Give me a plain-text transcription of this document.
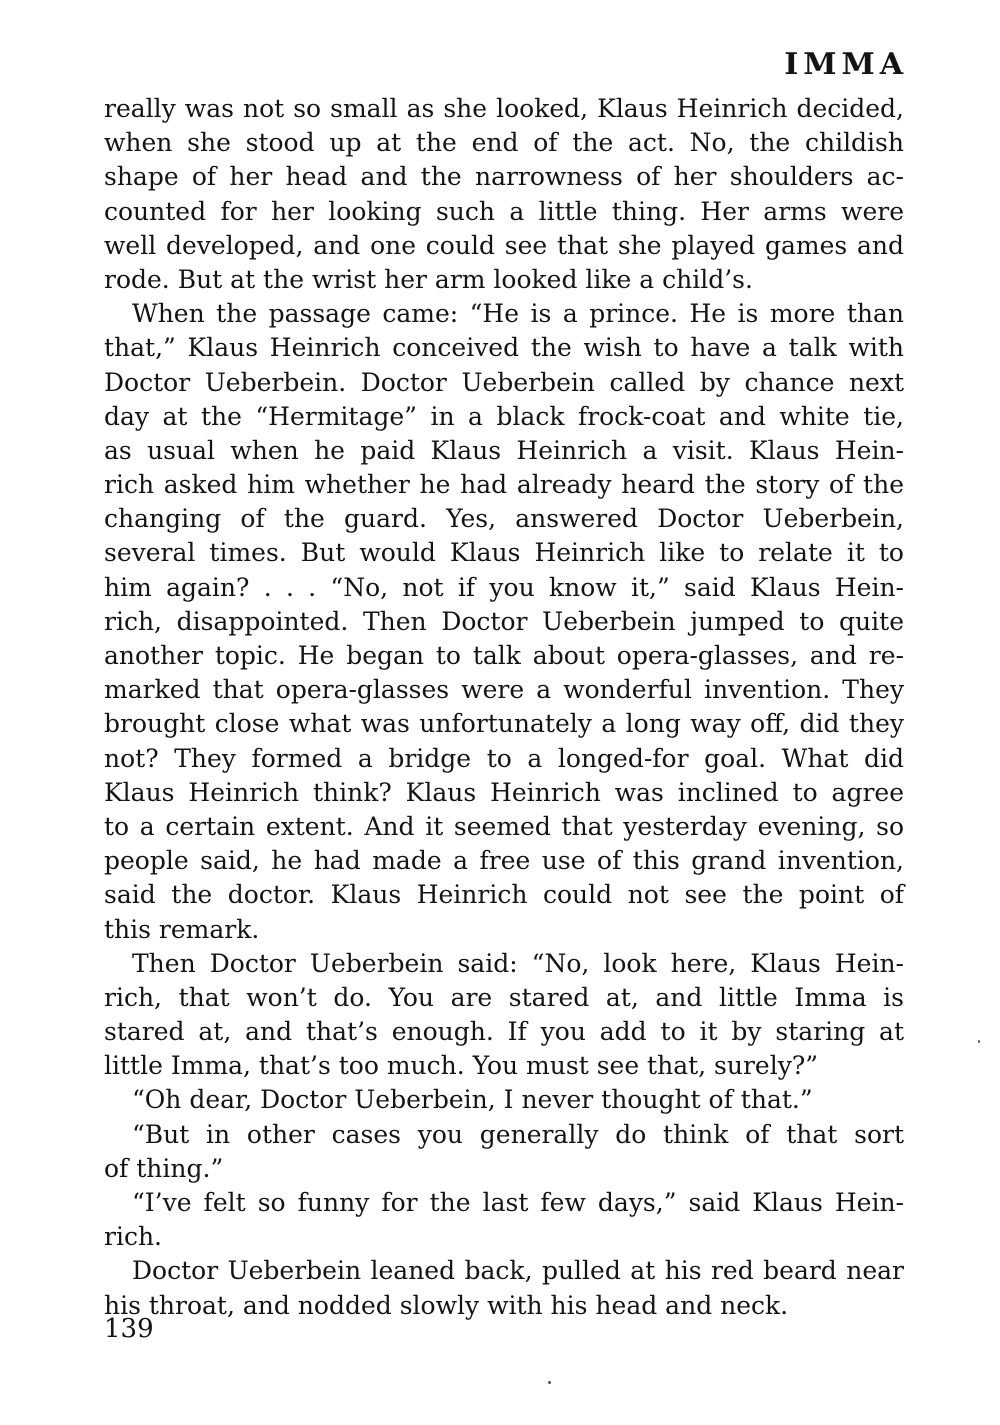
IMMA
really was not so small as she looked, Klaus Heinrich decided,
when she stood up at the end of the act. No, the childish
shape of her head and the narrowness of her shoulders ac-
counted for her looking such a little thing. Her arms were
well developed, and one could see that she played games and
rode. But at the wrist her arm looked like a child’s.
When the passage came: “He is a prince. He is more than
that,” Klaus Heinrich conceived the wish to have a talk with
Doctor Ueberbein. Doctor Ueberbein called by chance next
day at the “Hermitage” in a black frock-coat and white tie,
as usual when he paid Klaus Heinrich a visit. Klaus Hein-
rich asked him whether he had already heard the story of the
changing of the guard. Yes, answered Doctor Ueberbein,
several times. But would Klaus Heinrich like to relate it to
him again? . . . “No, not if you know it,” said Klaus Hein-
rich, disappointed. Then Doctor Ueberbein jumped to quite
another topic. He began to talk about opera-glasses, and re-
marked that opera-glasses were a wonderful invention. They
brought close what was unfortunately a long way off, did they
not? They formed a bridge to a longed-for goal. What did
Klaus Heinrich think? Klaus Heinrich was inclined to agree
to a certain extent. And it seemed that yesterday evening, so
people said, he had made a free use of this grand invention,
said the doctor. Klaus Heinrich could not see the point of
this remark.
Then Doctor Ueberbein said: “No, look here, Klaus Hein-
rich, that won’t do. You are stared at, and little Imma is
stared at, and that’s enough. If you add to it by staring at
little Imma, that’s too much. You must see that, surely?”
“Oh dear, Doctor Ueberbein, I never thought of that.”
“But in other cases you generally do think of that sort
of thing.”
“I’ve felt so funny for the last few days,” said Klaus Hein-
rich.
Doctor Ueberbein leaned back, pulled at his red beard near
his throat, and nodded slowly with his head and neck.
139
